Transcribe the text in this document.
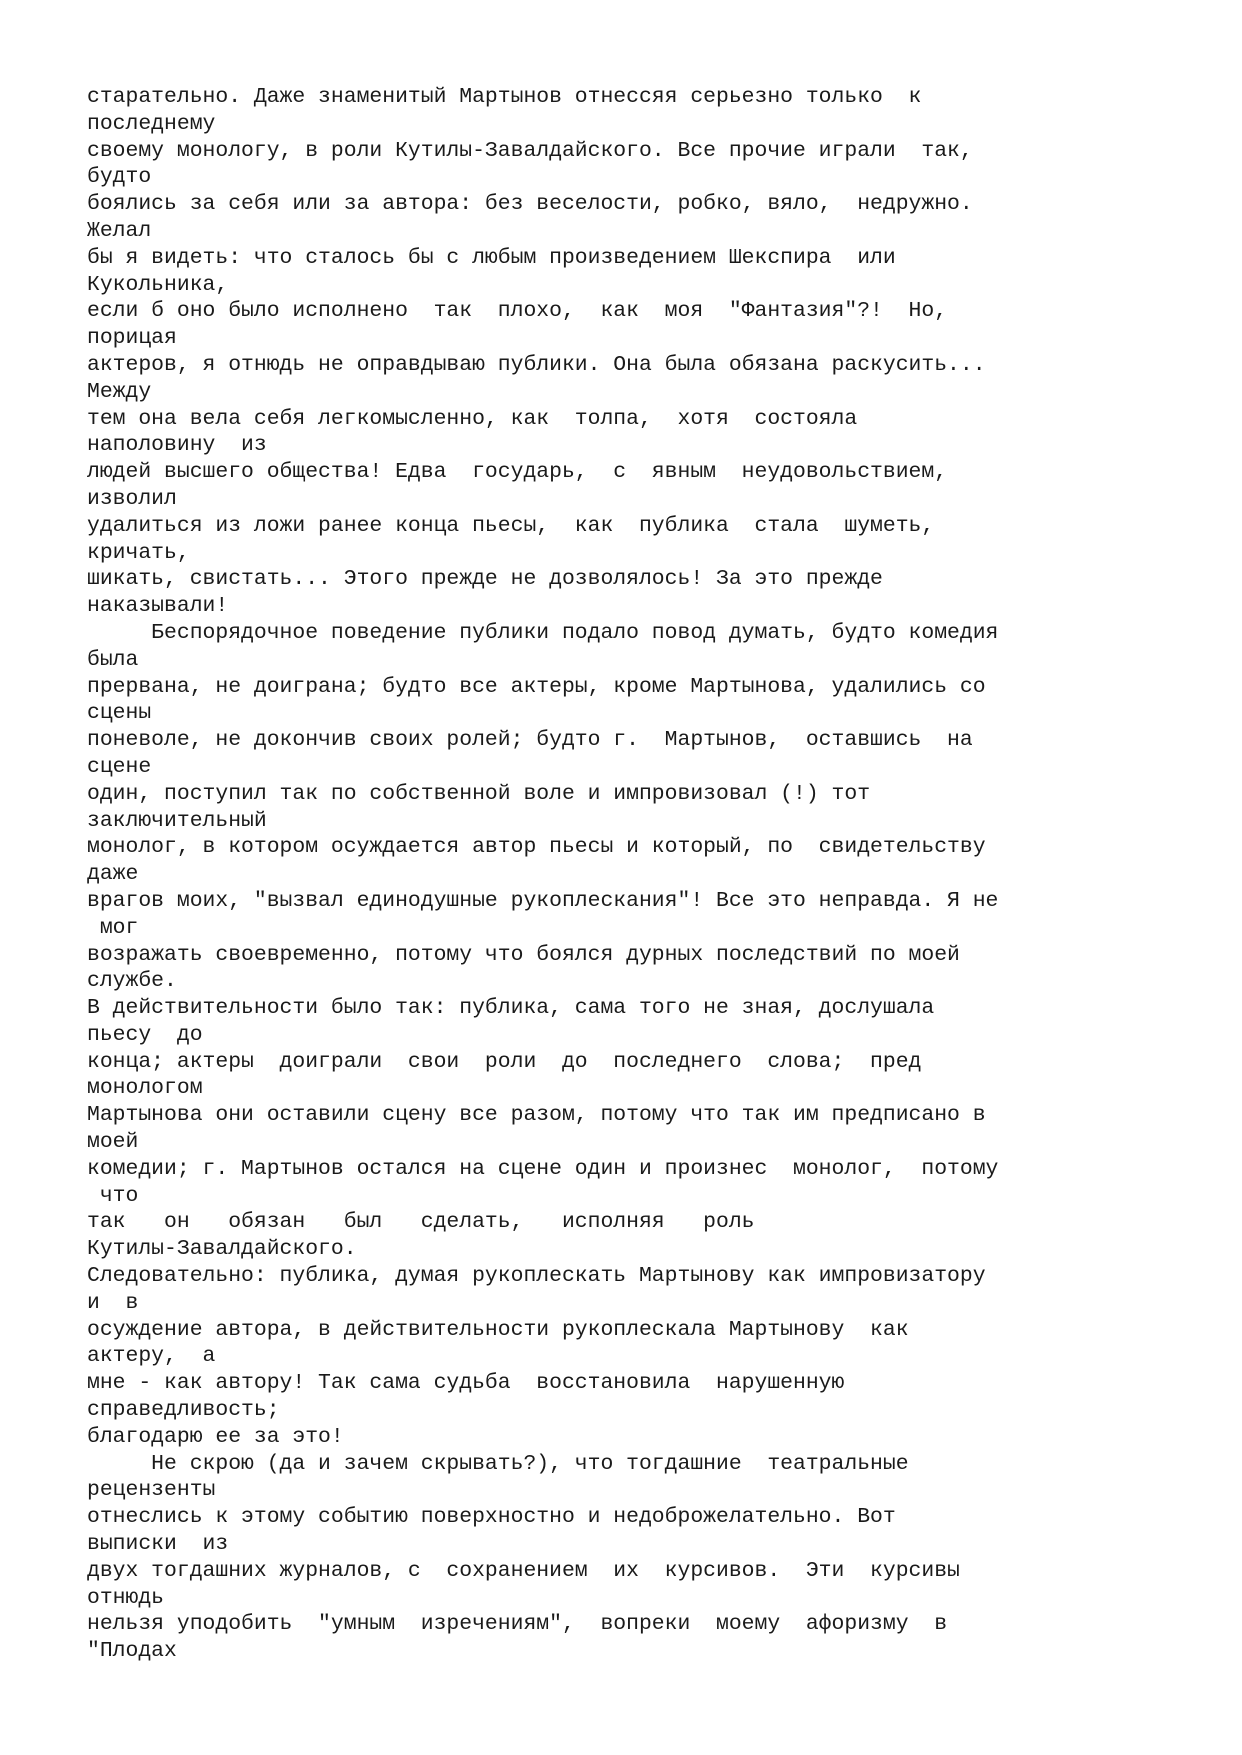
старательно. Даже знаменитый Мартынов отнессяя серьезно только  к
последнему
своему монологу, в роли Кутилы-Завалдайского. Все прочие играли  так,
будто
боялись за себя или за автора: без веселости, робко, вяло,  недружно.
Желал
бы я видеть: что сталось бы с любым произведением Шекспира  или
Кукольника,
если б оно было исполнено  так  плохо,  как  моя  "Фантазия"?!  Но,
порицая
актеров, я отнюдь не оправдываю публики. Она была обязана раскусить...
Между
тем она вела себя легкомысленно, как  толпа,  хотя  состояла
наполовину  из
людей высшего общества! Едва  государь,  с  явным  неудовольствием,
изволил
удалиться из ложи ранее конца пьесы,  как  публика  стала  шуметь,
кричать,
шикать, свистать... Этого прежде не дозволялось! За это прежде
наказывали!
Беспорядочное поведение публики подало повод думать, будто комедия
была
прервана, не доиграна; будто все актеры, кроме Мартынова, удалились со
сцены
поневоле, не докончив своих ролей; будто г.  Мартынов,  оставшись  на
сцене
один, поступил так по собственной воле и импровизовал (!) тот
заключительный
монолог, в котором осуждается автор пьесы и который, по  свидетельству
даже
врагов моих, "вызвал единодушные рукоплескания"! Все это неправда. Я не
мог
возражать своевременно, потому что боялся дурных последствий по моей
службе.
В действительности было так: публика, сама того не зная, дослушала
пьесу  до
конца; актеры  доиграли  свои  роли  до  последнего  слова;  пред
монологом
Мартынова они оставили сцену все разом, потому что так им предписано в
моей
комедии; г. Мартынов остался на сцене один и произнес  монолог,  потому
что
так   он   обязан   был   сделать,   исполняя   роль
Кутилы-Завалдайского.
Следовательно: публика, думая рукоплескать Мартынову как импровизатору
и  в
осуждение автора, в действительности рукоплескала Мартынову  как
актеру,  а
мне - как автору! Так сама судьба  восстановила  нарушенную
справедливость;
благодарю ее за это!
Не скрою (да и зачем скрывать?), что тогдашние  театральные
рецензенты
отнеслись к этому событию поверхностно и недоброжелательно. Вот
выписки  из
двух тогдашних журналов, с  сохранением  их  курсивов.  Эти  курсивы
отнюдь
нельзя уподобить  "умным  изречениям",  вопреки  моему  афоризму  в
"Плодах
